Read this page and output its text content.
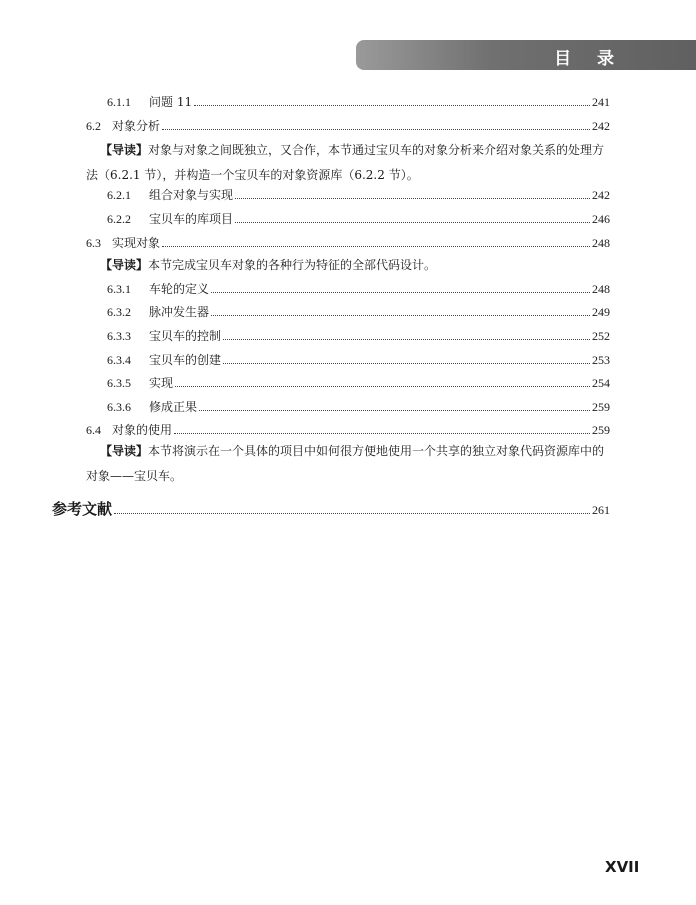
目 录
6.1.1	问题 11	241
6.2 对象分析	242
【导读】对象与对象之间既独立，又合作，本节通过宝贝车的对象分析来介绍对象关系的处理方法（6.2.1 节），并构造一个宝贝车的对象资源库（6.2.2 节）。
6.2.1	组合对象与实现	242
6.2.2	宝贝车的库项目	246
6.3 实现对象	248
【导读】本节完成宝贝车对象的各种行为特征的全部代码设计。
6.3.1	车轮的定义	248
6.3.2	脉冲发生器	249
6.3.3	宝贝车的控制	252
6.3.4	宝贝车的创建	253
6.3.5	实现	254
6.3.6	修成正果	259
6.4 对象的使用	259
【导读】本节将演示在一个具体的项目中如何很方便地使用一个共享的独立对象代码资源库中的对象——宝贝车。
参考文献	261
XVII
